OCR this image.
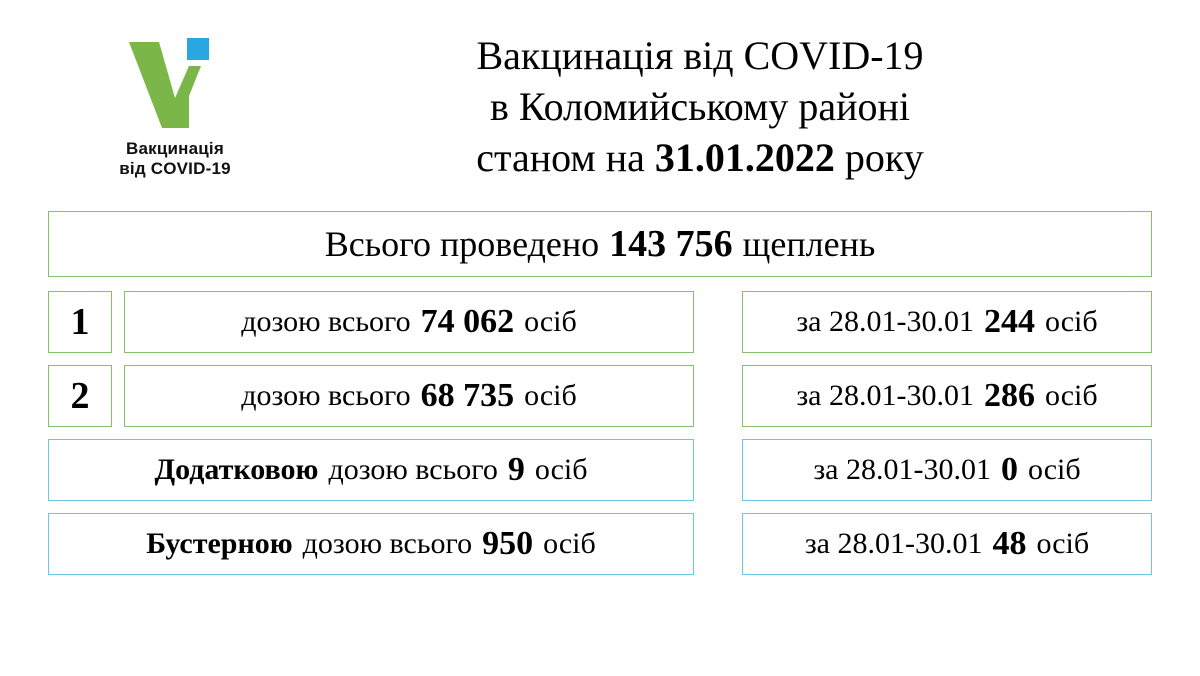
Вакцинація
від COVID-19
Вакцинація від COVID-19
в Коломийському районі
станом на 31.01.2022 року
Всього проведено 143 756 щеплень
1	дозою всього 74 062 осіб	за 28.01-30.01 244 осіб
2	дозою всього 68 735 осіб	за 28.01-30.01 286 осіб
Додатковою дозою всього 9 осіб	за 28.01-30.01 0 осіб
Бустерною дозою всього 950 осіб	за 28.01-30.01 48 осіб
